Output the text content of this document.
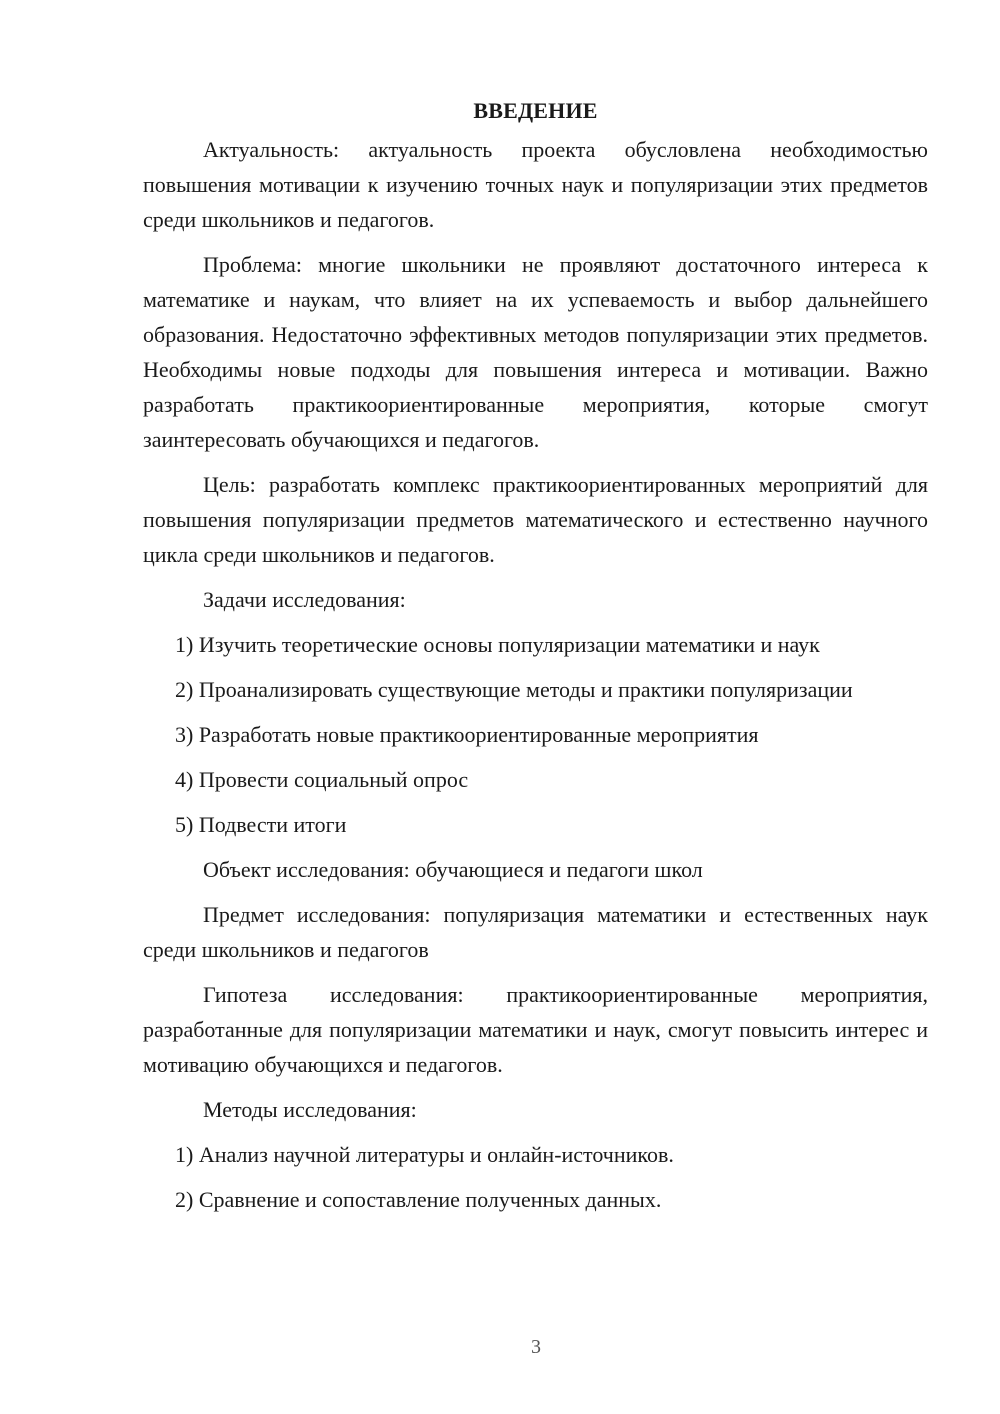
ВВЕДЕНИЕ

Актуальность: актуальность проекта обусловлена необходимостью повышения мотивации к изучению точных наук и популяризации этих предметов среди школьников и педагогов.

Проблема: многие школьники не проявляют достаточного интереса к математике и наукам, что влияет на их успеваемость и выбор дальнейшего образования. Недостаточно эффективных методов популяризации этих предметов. Необходимы новые подходы для повышения интереса и мотивации. Важно разработать практикоориентированные мероприятия, которые смогут заинтересовать обучающихся и педагогов.

Цель: разработать комплекс практикоориентированных мероприятий для повышения популяризации предметов математического и естественно научного цикла среди школьников и педагогов.

Задачи исследования:

1) Изучить теоретические основы популяризации математики и наук

2) Проанализировать существующие методы и практики популяризации

3) Разработать новые практикоориентированные мероприятия

4) Провести социальный опрос

5) Подвести итоги

Объект исследования: обучающиеся и педагоги школ

Предмет исследования: популяризация математики и естественных наук среди школьников и педагогов

Гипотеза исследования: практикоориентированные мероприятия, разработанные для популяризации математики и наук, смогут повысить интерес и мотивацию обучающихся и педагогов.

Методы исследования:

1) Анализ научной литературы и онлайн-источников.

2) Сравнение и сопоставление полученных данных.

3
